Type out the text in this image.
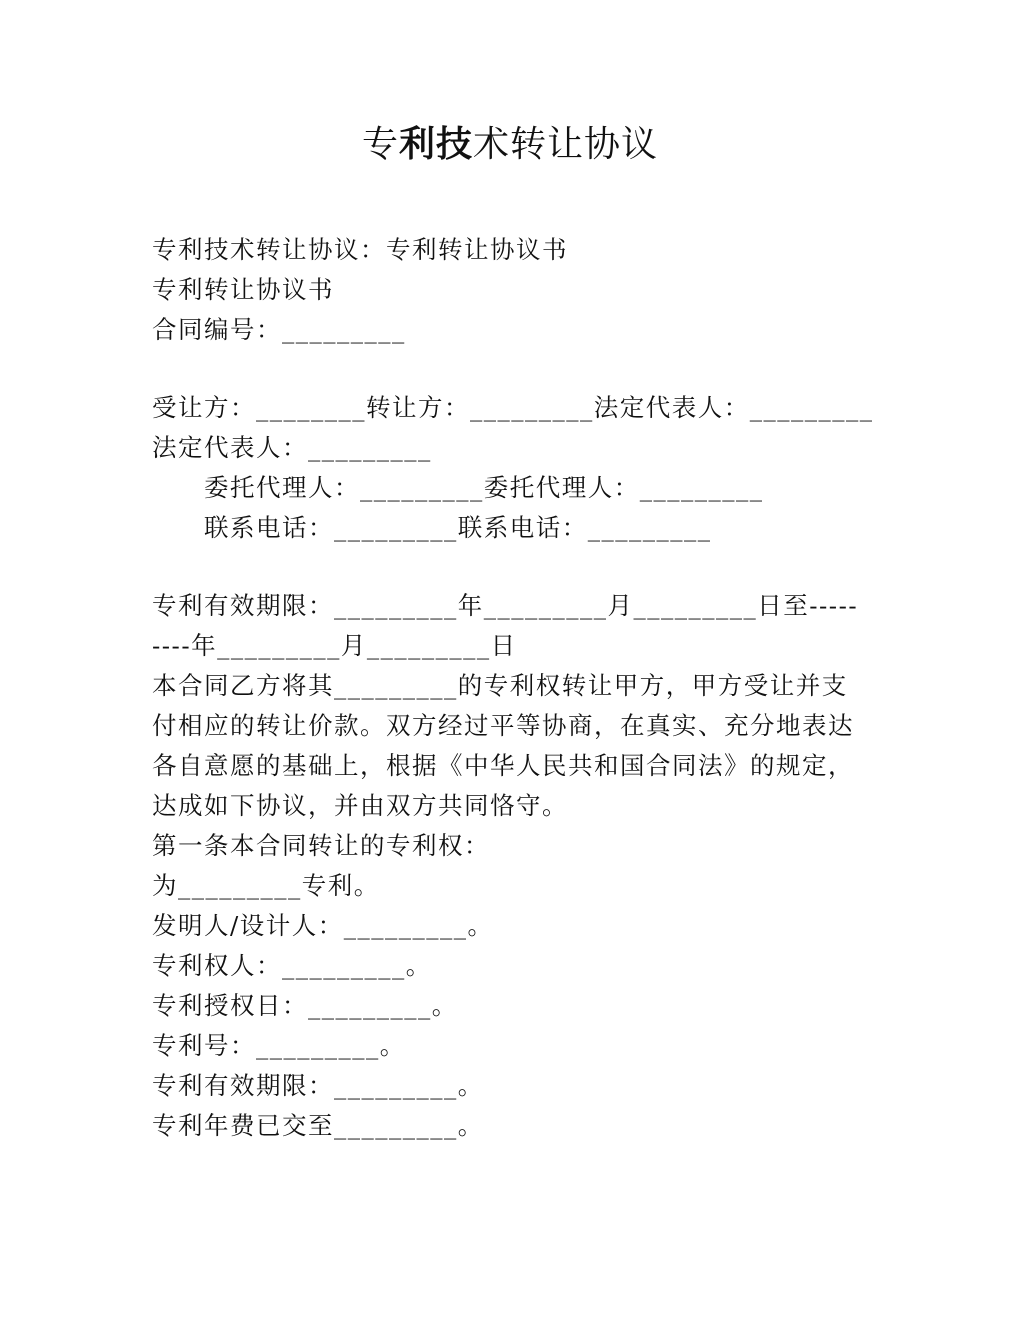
专利技术转让协议
专利技术转让协议：专利转让协议书
专利转让协议书
合同编号：_________
受让方：________转让方：_________法定代表人：_________
法定代表人：_________
委托代理人：_________委托代理人：_________
联系电话：_________联系电话：_________
专利有效期限：_________年_________月_________日至-----
----年_________月_________日
本合同乙方将其_________的专利权转让甲方，甲方受让并支
付相应的转让价款。双方经过平等协商，在真实、充分地表达
各自意愿的基础上，根据《中华人民共和国合同法》的规定，
达成如下协议，并由双方共同恪守。
第一条本合同转让的专利权：
为_________专利。
发明人/设计人：_________。
专利权人：_________。
专利授权日：_________。
专利号：_________。
专利有效期限：_________。
专利年费已交至_________。
